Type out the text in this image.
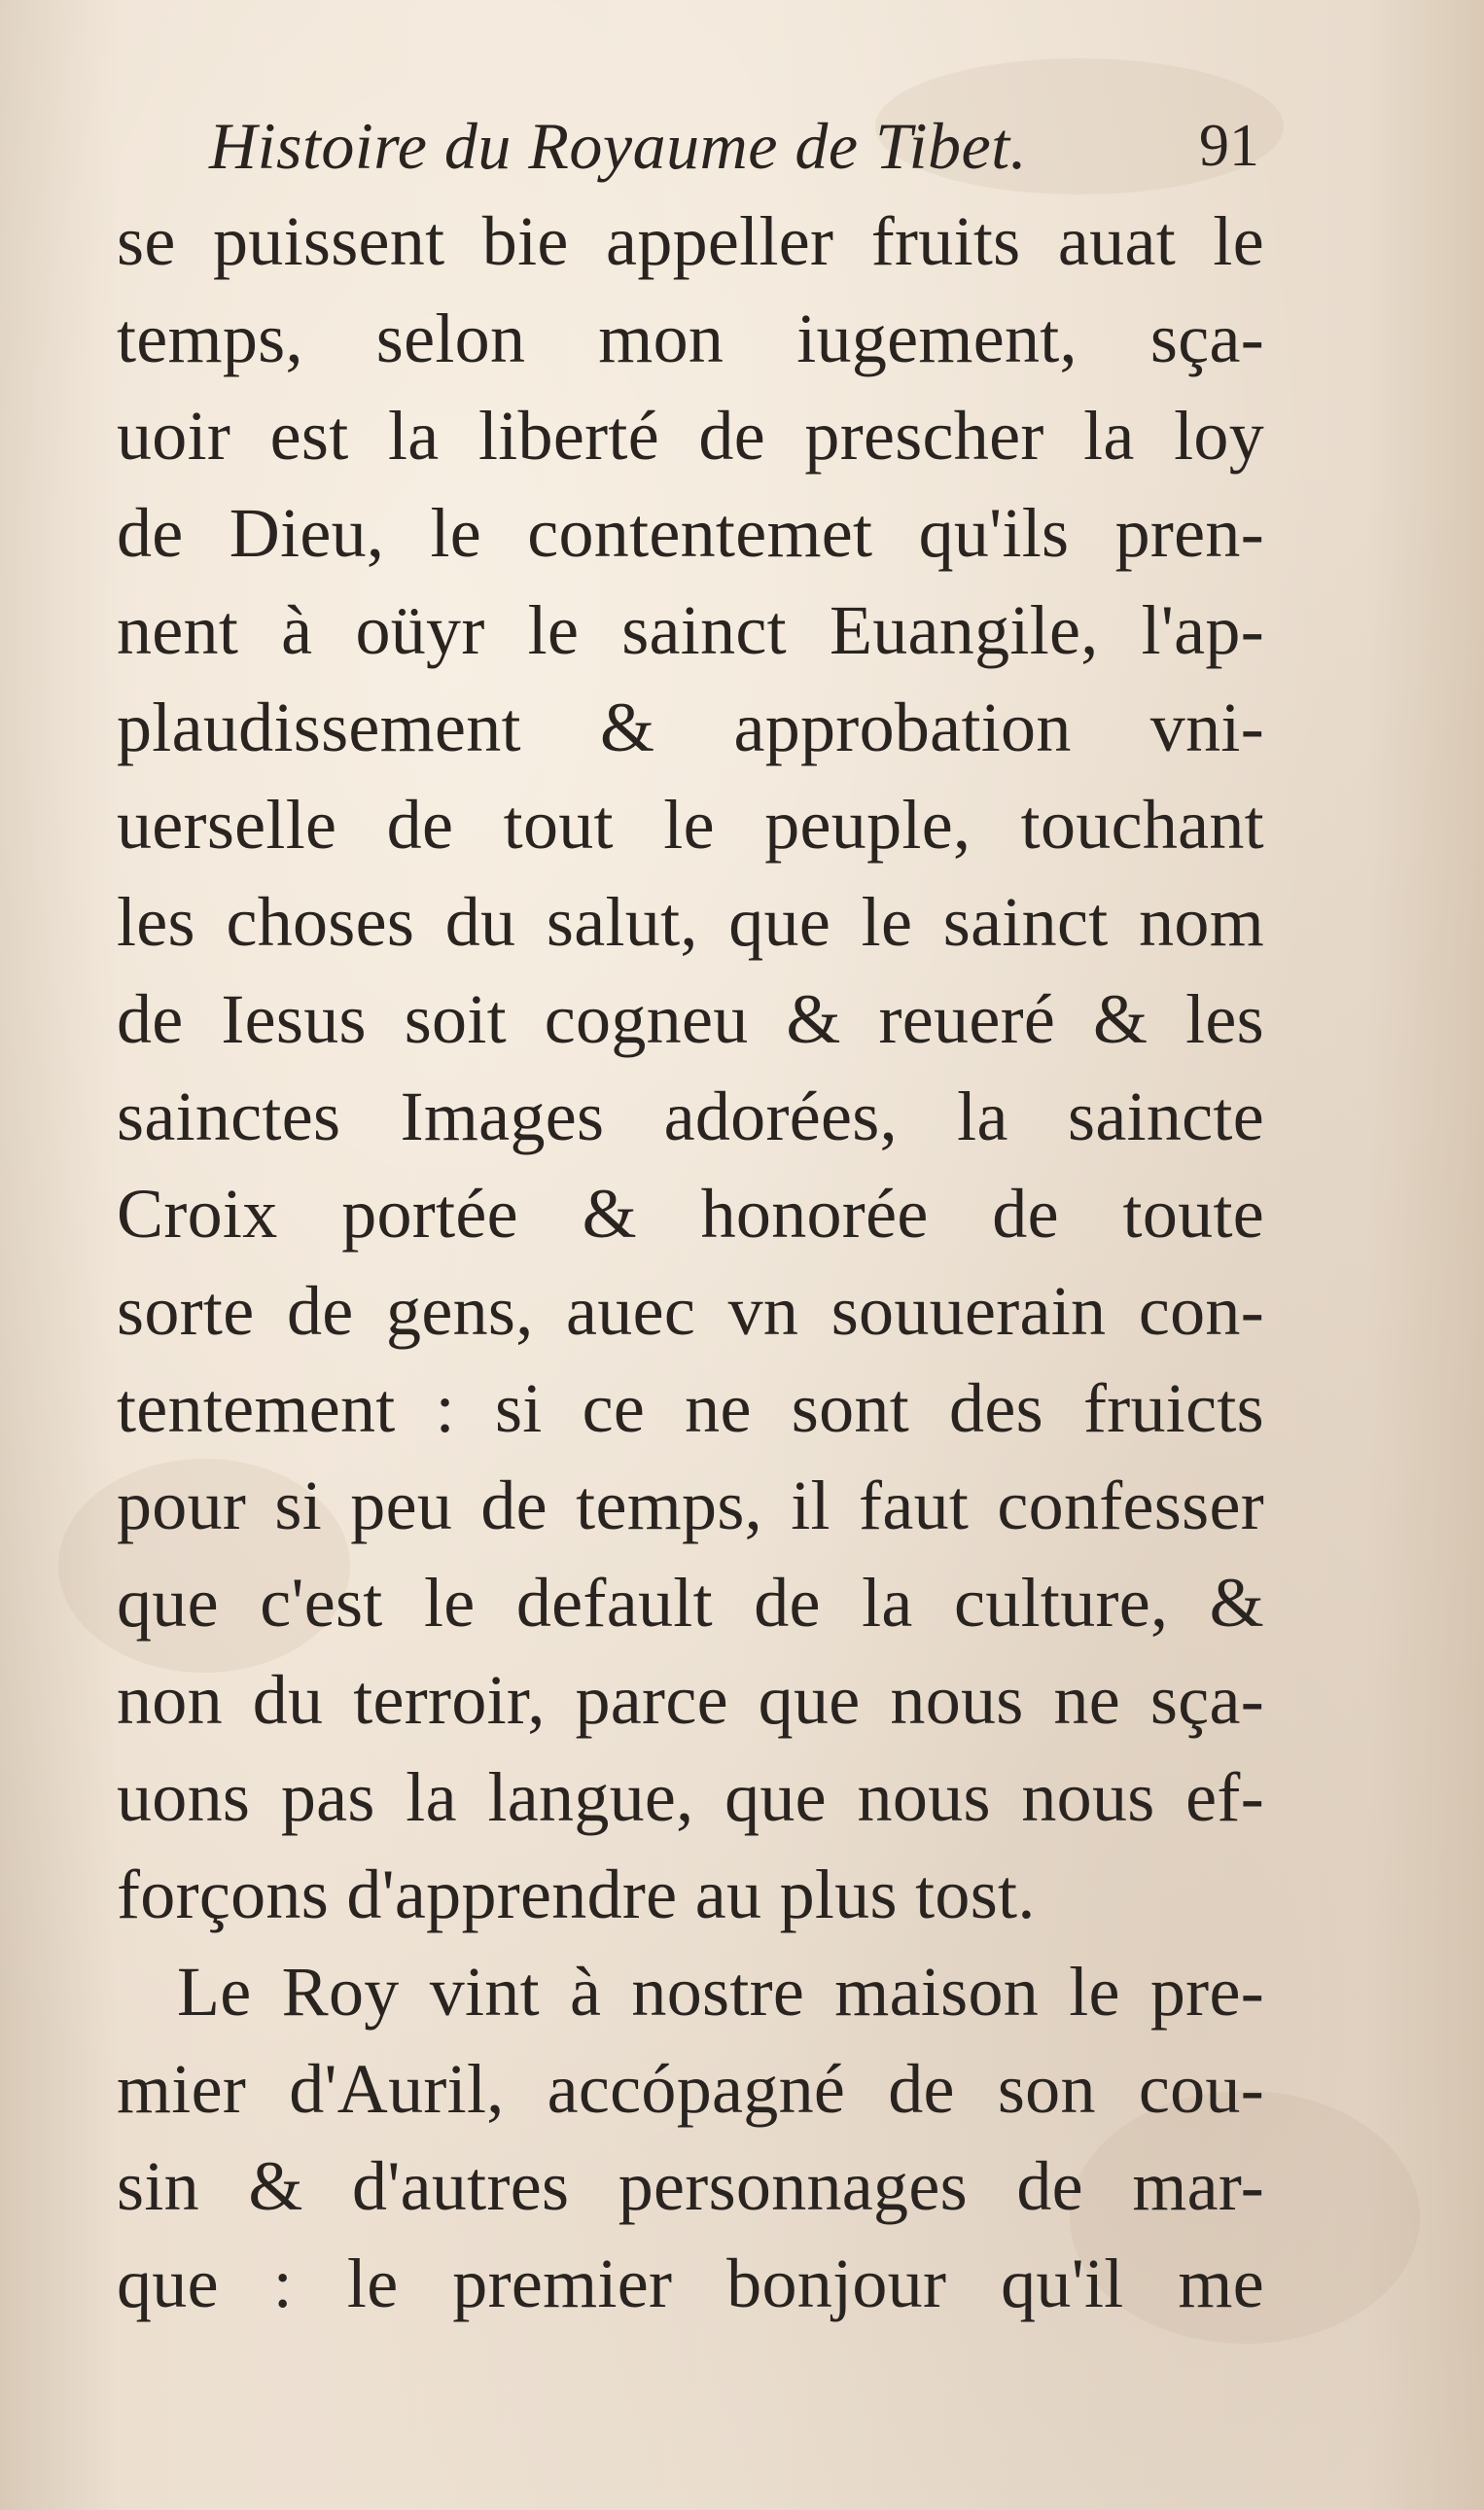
Histoire du Royaume de Tibet.	91
se puissent bie appeller fruits auat le
temps, selon mon iugement, sça-
uoir est la liberté de prescher la loy
de Dieu, le contentemet qu'ils pren-
nent à oüyr le sainct Euangile, l'ap-
plaudissement & approbation vni-
uerselle de tout le peuple, touchant
les choses du salut, que le sainct nom
de Iesus soit cogneu & reueré & les
sainctes Images adorées, la saincte
Croix portée & honorée de toute
sorte de gens, auec vn souuerain con-
tentement : si ce ne sont des fruicts
pour si peu de temps, il faut confesser
que c'est le default de la culture, &
non du terroir, parce que nous ne sça-
uons pas la langue, que nous nous ef-
forçons d'apprendre au plus tost.
Le Roy vint à nostre maison le pre-
mier d'Auril, accópagné de son cou-
sin & d'autres personnages de mar-
que : le premier bonjour qu'il me
